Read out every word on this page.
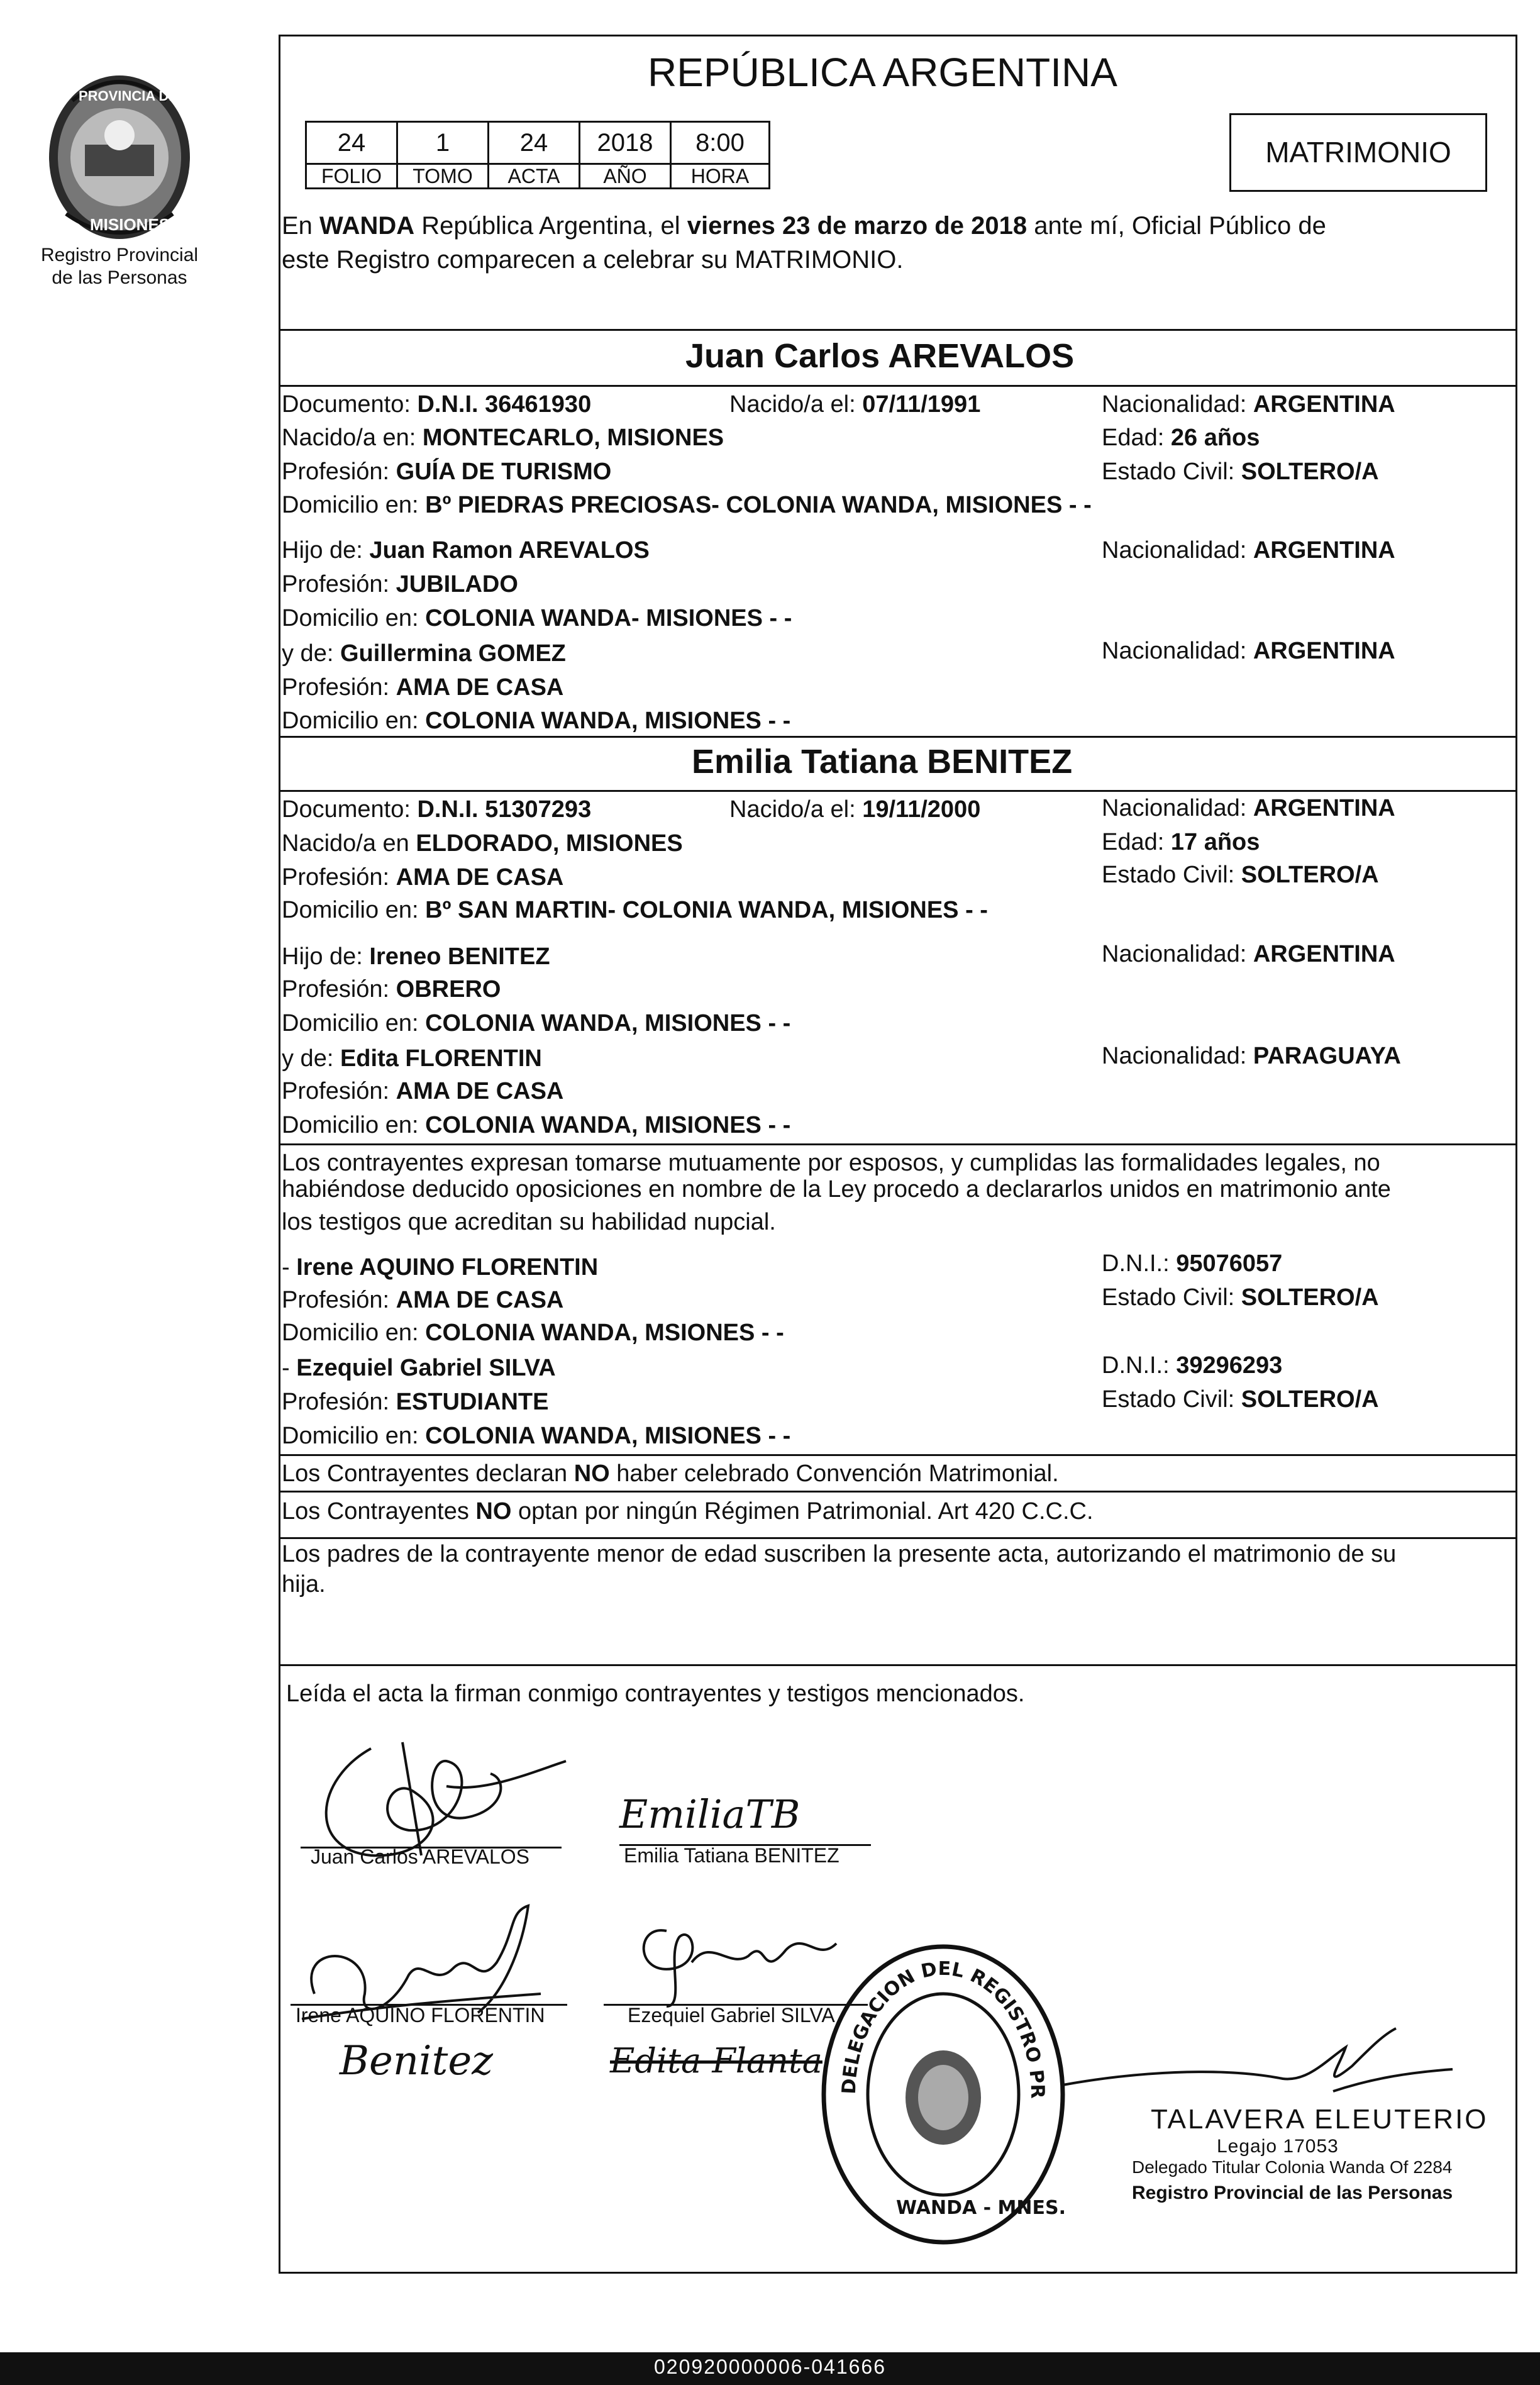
PROVINCIA DE
MISIONES
Registro Provincial
de las Personas
REPÚBLICA ARGENTINA
24	1	24	2018	8:00
FOLIO	TOMO	ACTA	AÑO	HORA
MATRIMONIO
En WANDA República Argentina, el viernes 23 de marzo de 2018 ante mí, Oficial Público de
este Registro comparecen a celebrar su MATRIMONIO.
Juan Carlos AREVALOS
Documento: D.N.I. 36461930	Nacido/a el: 07/11/1991	Nacionalidad: ARGENTINA
Nacido/a en: MONTECARLO, MISIONES	Edad: 26 años
Profesión: GUÍA DE TURISMO	Estado Civil: SOLTERO/A
Domicilio en: Bº PIEDRAS PRECIOSAS- COLONIA WANDA, MISIONES - -
Hijo de: Juan Ramon AREVALOS	Nacionalidad: ARGENTINA
Profesión: JUBILADO
Domicilio en: COLONIA WANDA- MISIONES - -
y de: Guillermina GOMEZ	Nacionalidad: ARGENTINA
Profesión: AMA DE CASA
Domicilio en: COLONIA WANDA, MISIONES - -
Emilia Tatiana BENITEZ
Documento: D.N.I. 51307293	Nacido/a el: 19/11/2000	Nacionalidad: ARGENTINA
Nacido/a en ELDORADO, MISIONES	Edad: 17 años
Profesión: AMA DE CASA	Estado Civil: SOLTERO/A
Domicilio en: Bº SAN MARTIN- COLONIA WANDA, MISIONES - -
Hijo de: Ireneo BENITEZ	Nacionalidad: ARGENTINA
Profesión: OBRERO
Domicilio en: COLONIA WANDA, MISIONES - -
y de: Edita FLORENTIN	Nacionalidad: PARAGUAYA
Profesión: AMA DE CASA
Domicilio en: COLONIA WANDA, MISIONES - -
Los contrayentes expresan tomarse mutuamente por esposos, y cumplidas las formalidades legales, no
habiéndose deducido oposiciones en nombre de la Ley procedo a declararlos unidos en matrimonio ante
los testigos que acreditan su habilidad nupcial.
- Irene AQUINO FLORENTIN	D.N.I.: 95076057
Profesión: AMA DE CASA	Estado Civil: SOLTERO/A
Domicilio en: COLONIA WANDA, MSIONES - -
- Ezequiel Gabriel SILVA	D.N.I.: 39296293
Profesión: ESTUDIANTE	Estado Civil: SOLTERO/A
Domicilio en: COLONIA WANDA, MISIONES - -
Los Contrayentes declaran NO haber celebrado Convención Matrimonial.
Los Contrayentes NO optan por ningún Régimen Patrimonial. Art 420 C.C.C.
Los padres de la contrayente menor de edad suscriben la presente acta, autorizando el matrimonio de su
hija.
Leída el acta la firman conmigo contrayentes y testigos mencionados.
Juan Carlos AREVALOS
EmiliaTB
Emilia Tatiana BENITEZ
Irene AQUINO FLORENTIN
Benitez
Ezequiel Gabriel SILVA
Edita Flanta
DELEGACION DEL REGISTRO PR
WANDA - MNES.
TALAVERA ELEUTERIO
Legajo 17053
Delegado Titular Colonia Wanda Of 2284
Registro Provincial de las Personas
020920000006-041666
